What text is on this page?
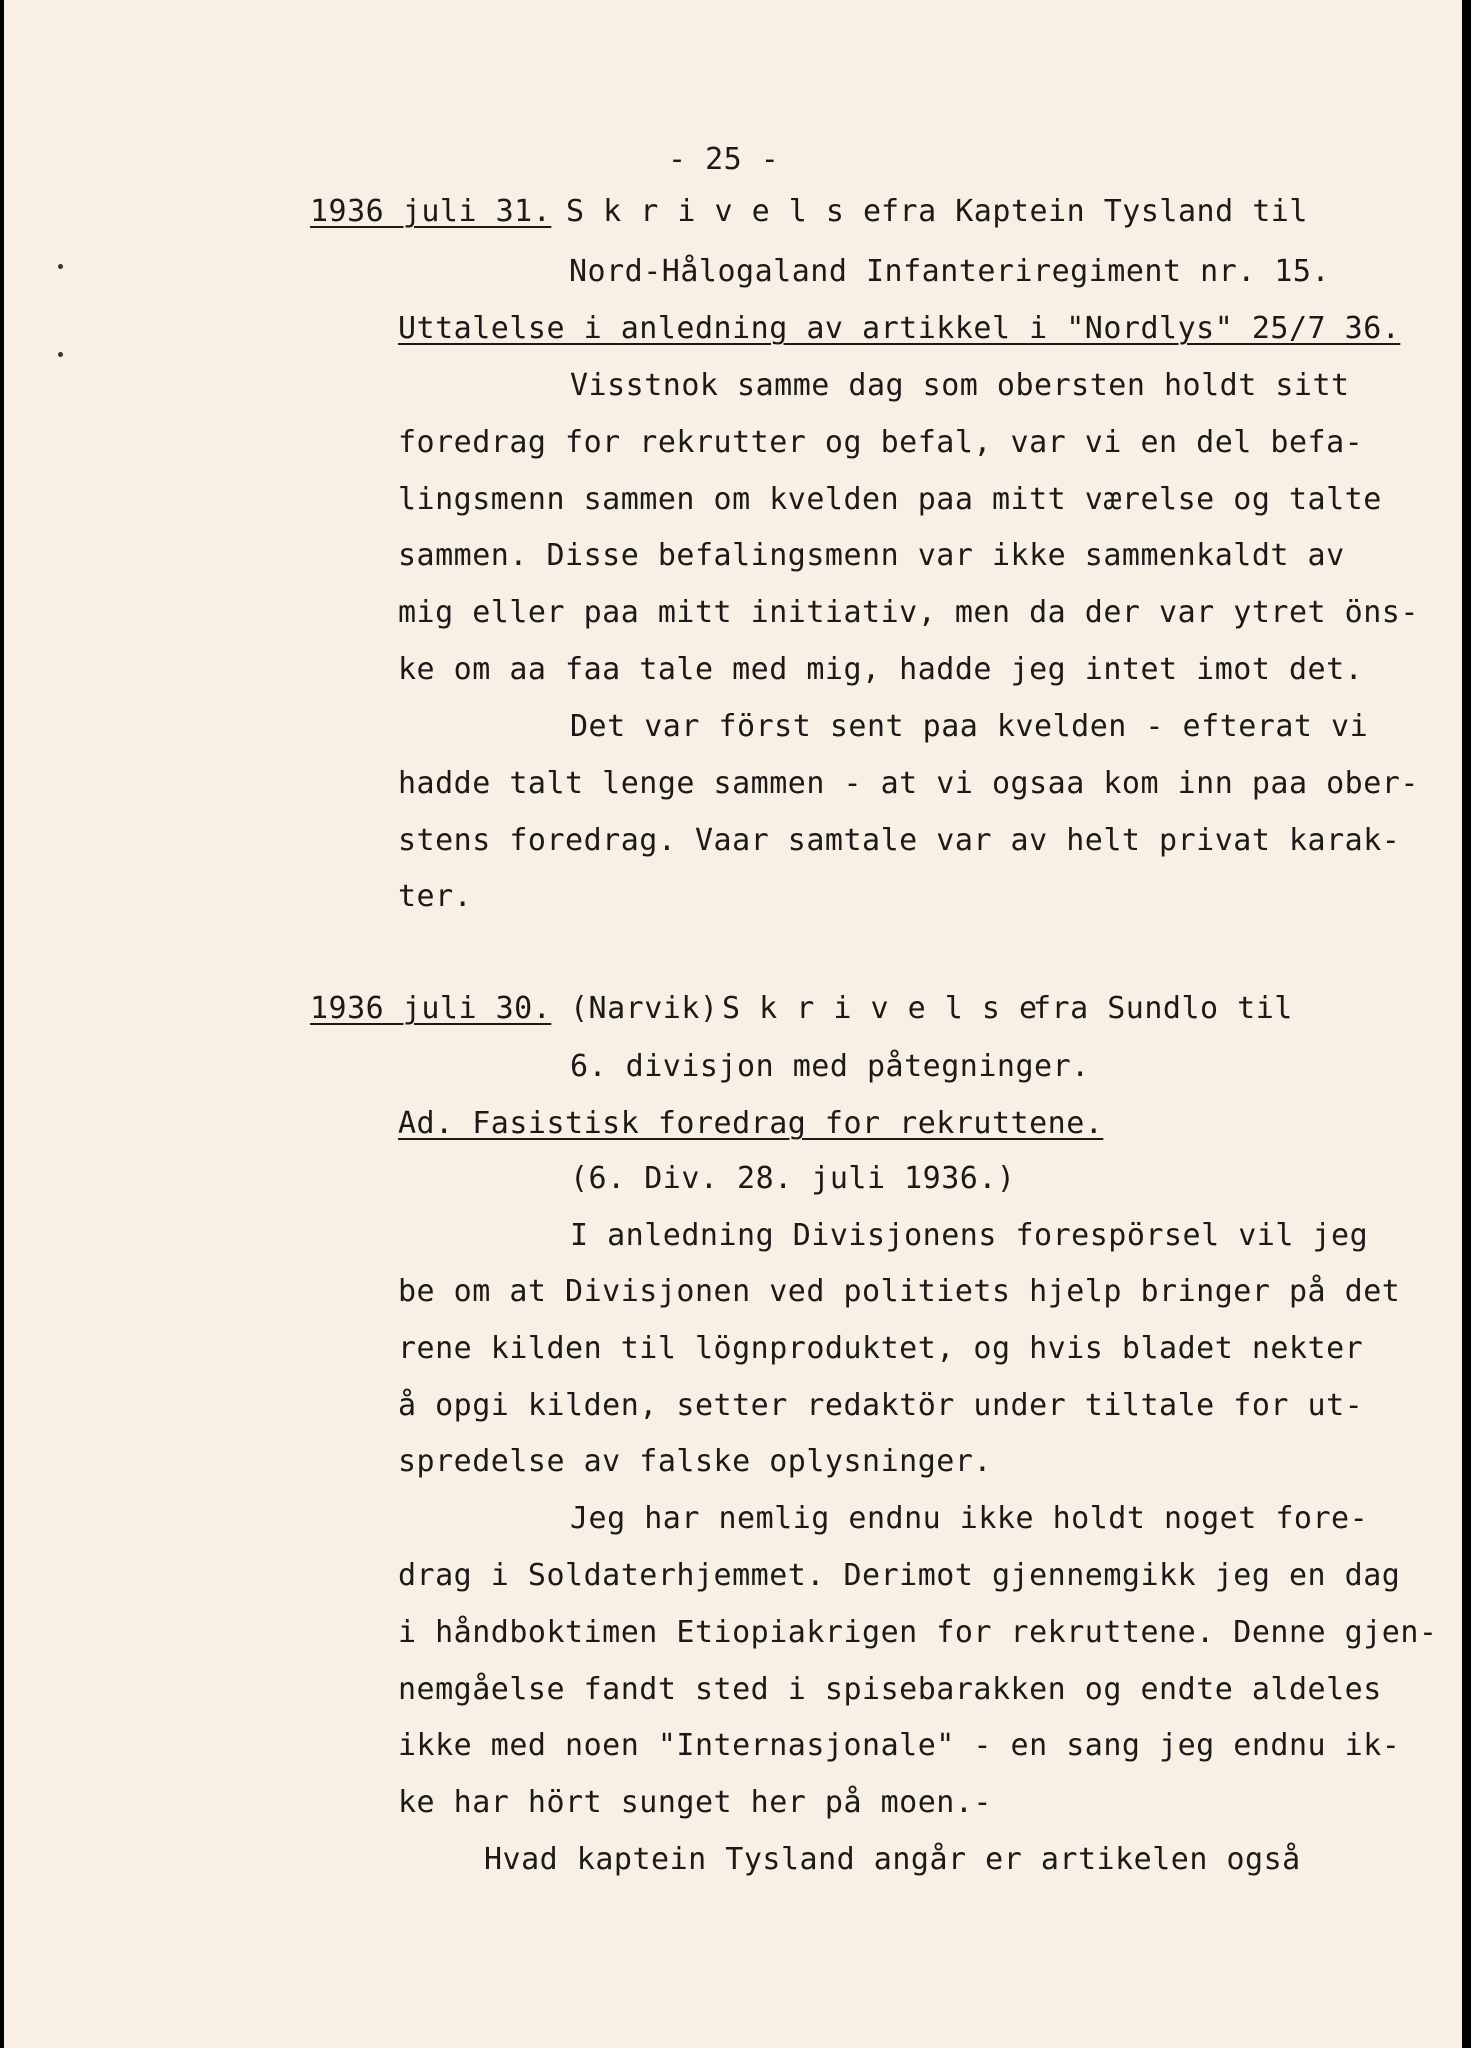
- 25 -
1936 juli 31. S k r i v e l s e fra Kaptein Tysland til
Nord-Hålogaland Infanteriregiment nr. 15.
Uttalelse i anledning av artikkel i "Nordlys" 25/7 36.
Visstnok samme dag som obersten holdt sitt
foredrag for rekrutter og befal, var vi en del befa-
lingsmenn sammen om kvelden paa mitt værelse og talte
sammen. Disse befalingsmenn var ikke sammenkaldt av
mig eller paa mitt initiativ, men da der var ytret öns-
ke om aa faa tale med mig, hadde jeg intet imot det.
Det var först sent paa kvelden - efterat vi
hadde talt lenge sammen - at vi ogsaa kom inn paa ober-
stens foredrag. Vaar samtale var av helt privat karak-
ter.
1936 juli 30. (Narvik) S k r i v e l s e
fra Sundlo til
6. divisjon med påtegninger.
Ad. Fasistisk foredrag for rekruttene.
(6. Div. 28. juli 1936.)
I anledning Divisjonens forespörsel vil jeg
be om at Divisjonen ved politiets hjelp bringer på det
rene kilden til lögnproduktet, og hvis bladet nekter
å opgi kilden, setter redaktör under tiltale for ut-
spredelse av falske oplysninger.
Jeg har nemlig endnu ikke holdt noget fore-
drag i Soldaterhjemmet. Derimot gjennemgikk jeg en dag
i håndboktimen Etiopiakrigen for rekruttene. Denne gjen-
nemgåelse fandt sted i spisebarakken og endte aldeles
ikke med noen "Internasjonale" - en sang jeg endnu ik-
ke har hört sunget her på moen.-
Hvad kaptein Tysland angår er artikelen også
